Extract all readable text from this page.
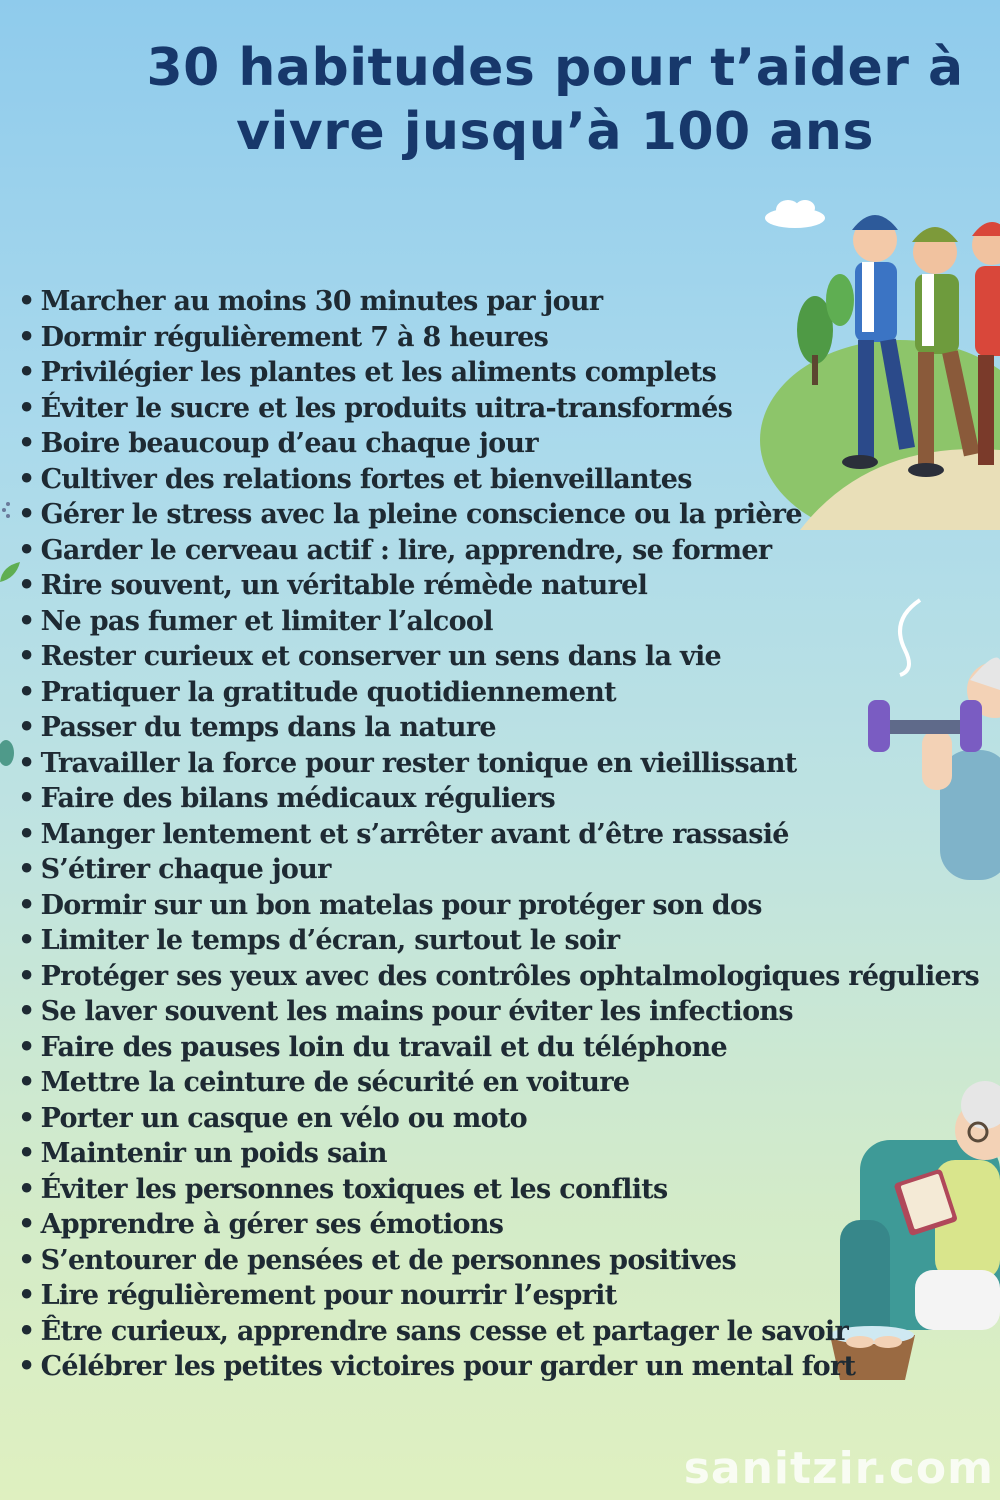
30 habitudes pour t’aider à
vivre jusqu’à 100 ans
• Marcher au moins 30 minutes par jour
• Dormir régulièrement 7 à 8 heures
• Privilégier les plantes et les aliments complets
• Éviter le sucre et les produits uitra-transformés
• Boire beaucoup d’eau chaque jour
• Cultiver des relations fortes et bienveillantes
• Gérer le stress avec la pleine conscience ou la prière
• Garder le cerveau actif : lire, apprendre, se former
• Rire souvent, un véritable rémède naturel
• Ne pas fumer et limiter l’alcool
• Rester curieux et conserver un sens dans la vie
• Pratiquer la gratitude quotidiennement
• Passer du temps dans la nature
• Travailler la force pour rester tonique en vieillissant
• Faire des bilans médicaux réguliers
• Manger lentement et s’arrêter avant d’être rassasié
• S’étirer chaque jour
• Dormir sur un bon matelas pour protéger son dos
• Limiter le temps d’écran, surtout le soir
• Protéger ses yeux avec des contrôles ophtalmologiques réguliers
• Se laver souvent les mains pour éviter les infections
• Faire des pauses loin du travail et du téléphone
• Mettre la ceinture de sécurité en voiture
• Porter un casque en vélo ou moto
• Maintenir un poids sain
• Éviter les personnes toxiques et les conflits
• Apprendre à gérer ses émotions
• S’entourer de pensées et de personnes positives
• Lire régulièrement pour nourrir l’esprit
• Être curieux, apprendre sans cesse et partager le savoir
• Célébrer les petites victoires pour garder un mental fort
sanitzir.com
